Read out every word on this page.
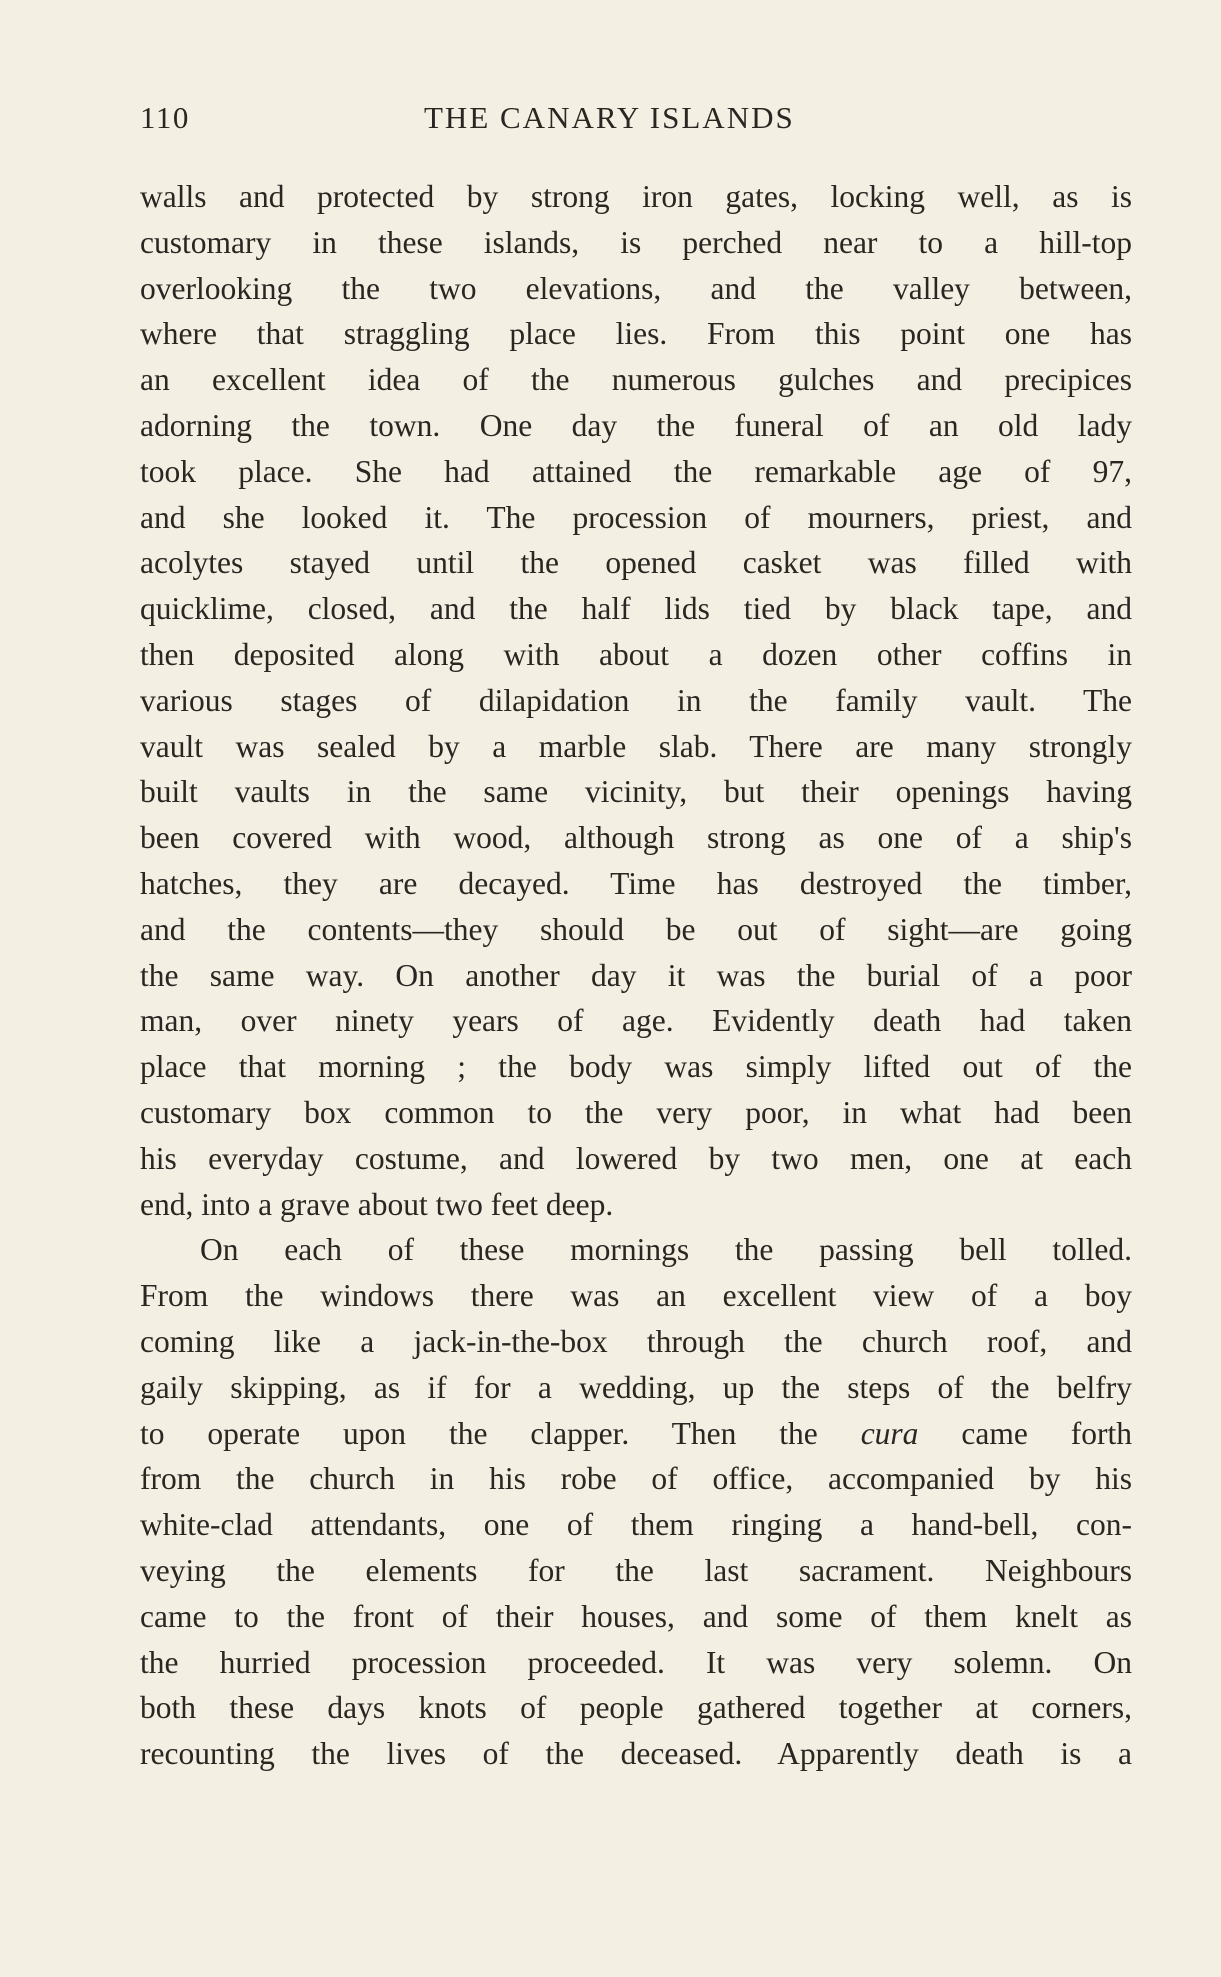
110	THE CANARY ISLANDS
walls and protected by strong iron gates, locking well, as is
customary in these islands, is perched near to a hill-top
overlooking the two elevations, and the valley between,
where that straggling place lies. From this point one has
an excellent idea of the numerous gulches and precipices
adorning the town. One day the funeral of an old lady
took place. She had attained the remarkable age of 97,
and she looked it. The procession of mourners, priest, and
acolytes stayed until the opened casket was filled with
quicklime, closed, and the half lids tied by black tape, and
then deposited along with about a dozen other coffins in
various stages of dilapidation in the family vault. The
vault was sealed by a marble slab. There are many strongly
built vaults in the same vicinity, but their openings having
been covered with wood, although strong as one of a ship's
hatches, they are decayed. Time has destroyed the timber,
and the contents—they should be out of sight—are going
the same way. On another day it was the burial of a poor
man, over ninety years of age. Evidently death had taken
place that morning ; the body was simply lifted out of the
customary box common to the very poor, in what had been
his everyday costume, and lowered by two men, one at each
end, into a grave about two feet deep.
On each of these mornings the passing bell tolled.
From the windows there was an excellent view of a boy
coming like a jack-in-the-box through the church roof, and
gaily skipping, as if for a wedding, up the steps of the belfry
to operate upon the clapper. Then the cura came forth
from the church in his robe of office, accompanied by his
white-clad attendants, one of them ringing a hand-bell, con-
veying the elements for the last sacrament. Neighbours
came to the front of their houses, and some of them knelt as
the hurried procession proceeded. It was very solemn. On
both these days knots of people gathered together at corners,
recounting the lives of the deceased. Apparently death is a
